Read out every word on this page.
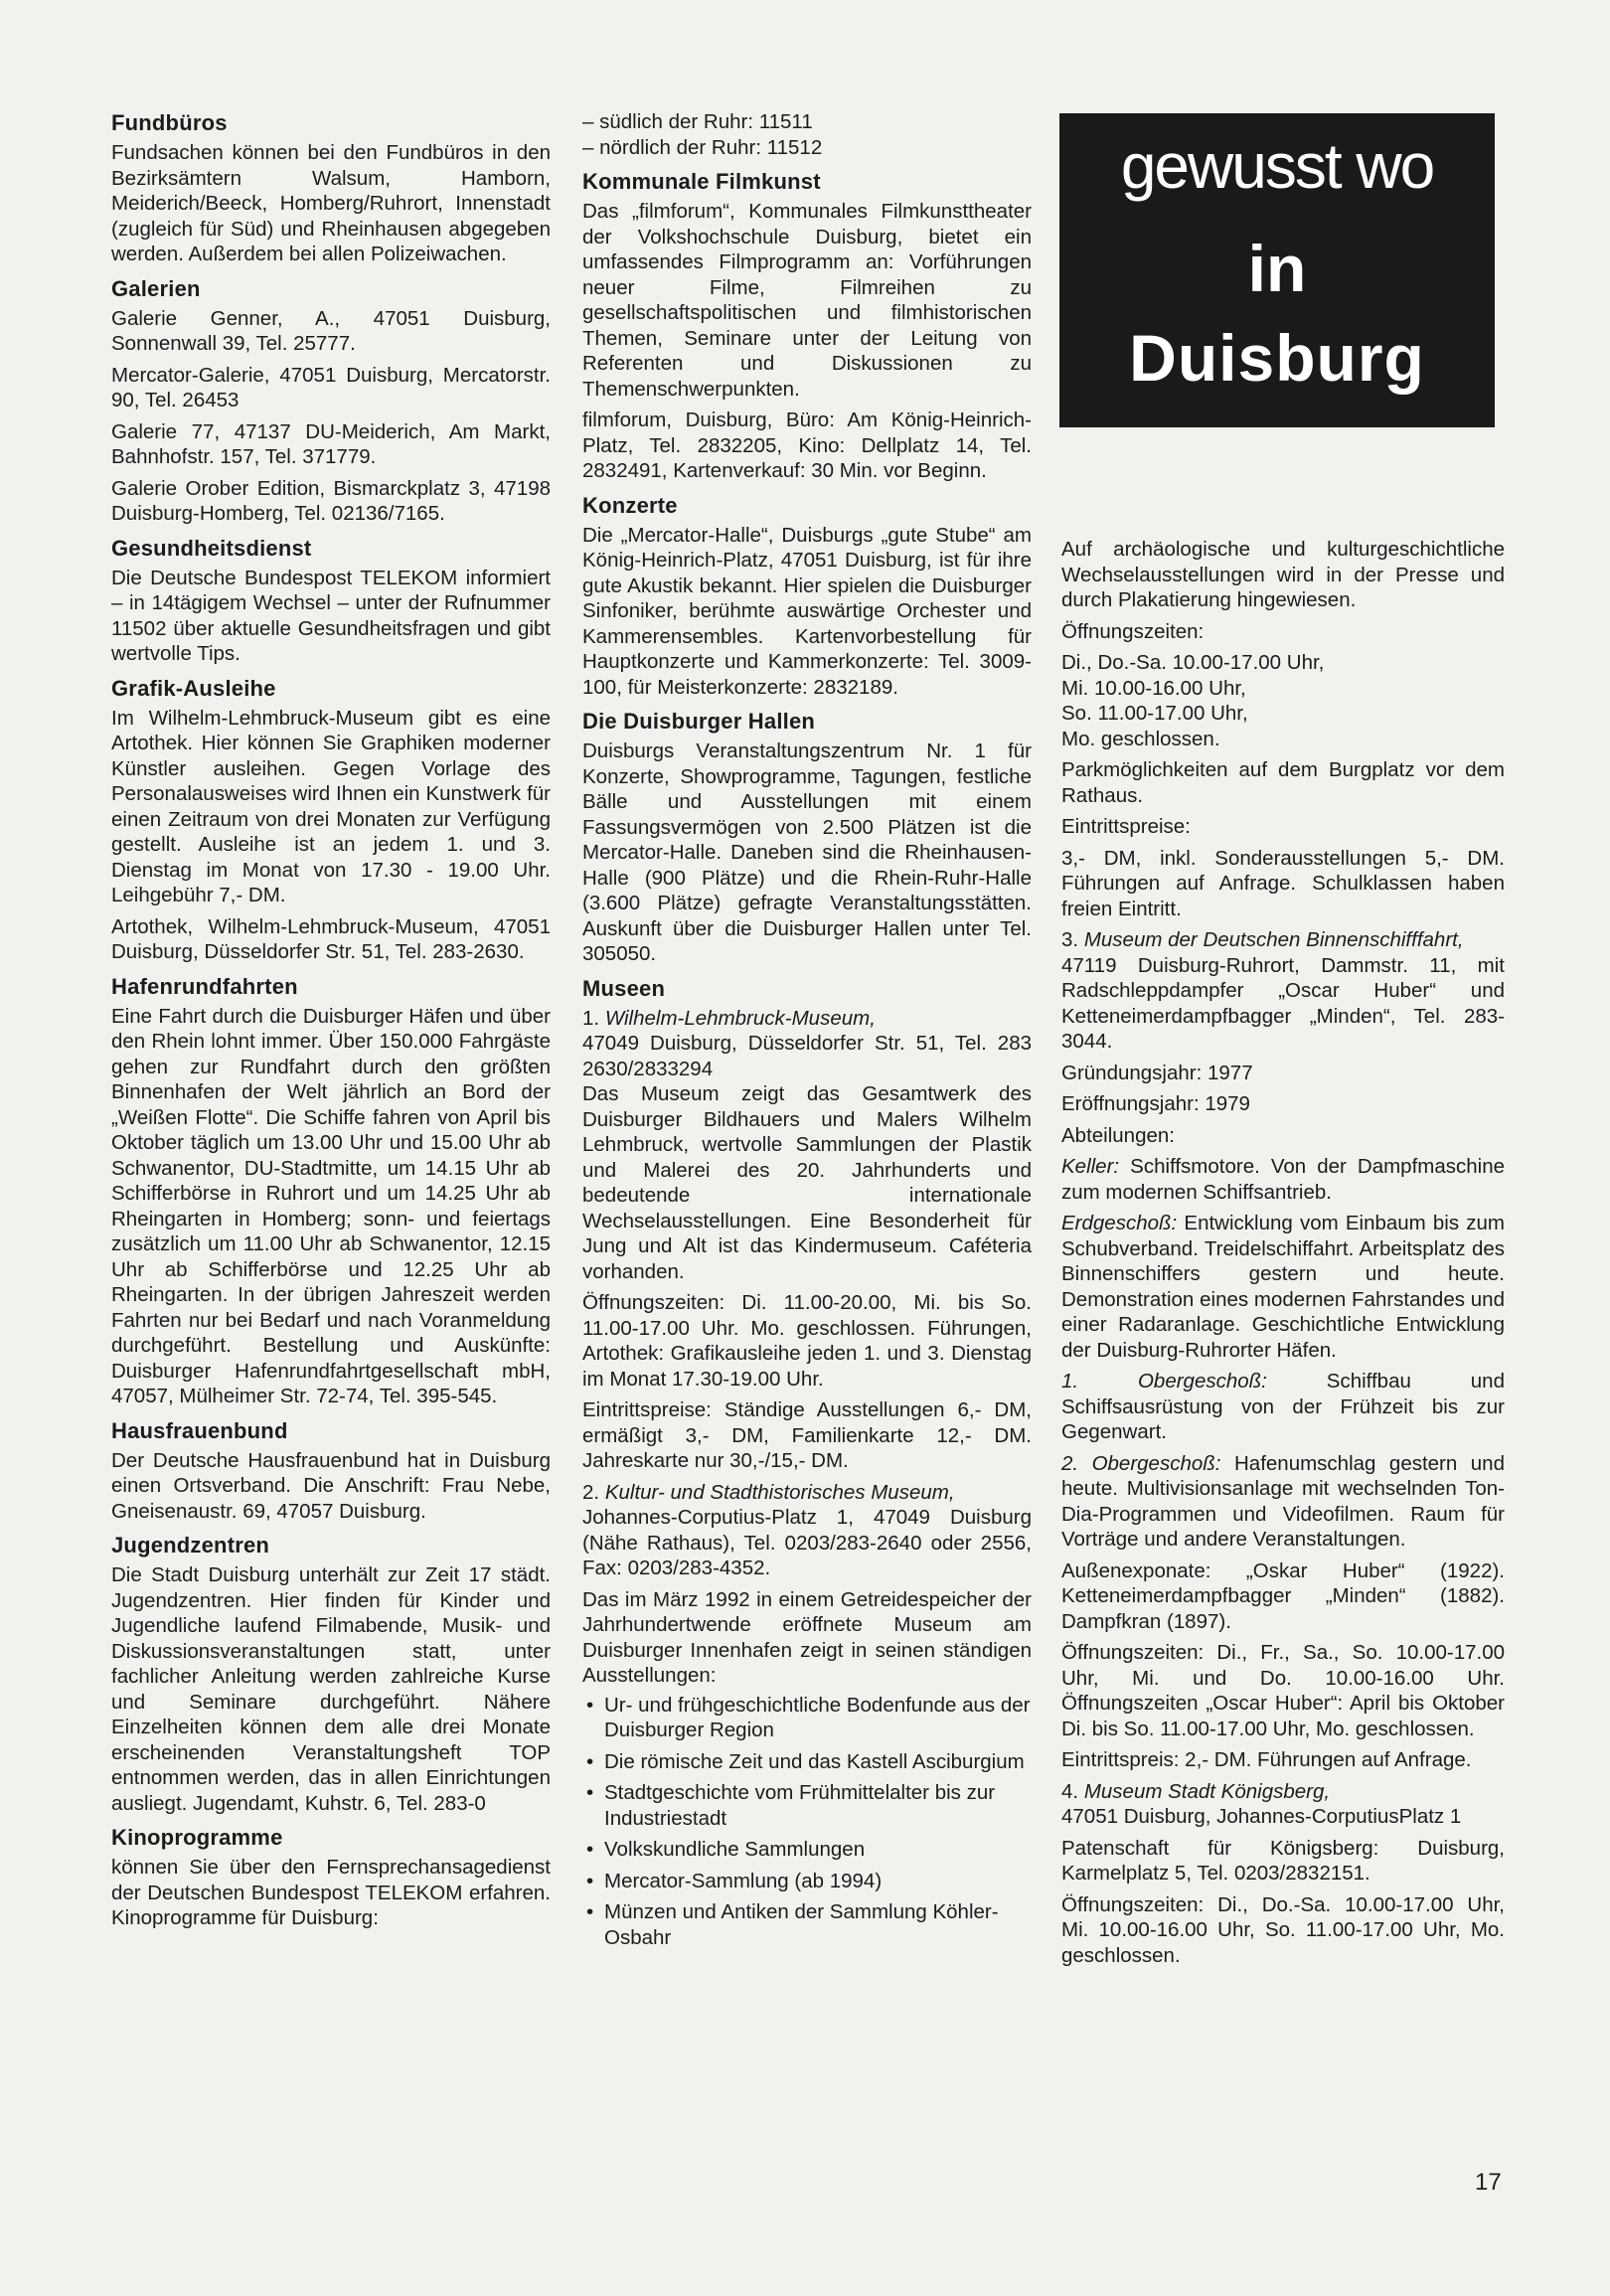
gewusst wo
in
Duisburg
Fundbüros

Fundsachen können bei den Fundbüros in den Bezirksämtern Walsum, Hamborn, Meiderich/Beeck, Homberg/Ruhrort, Innenstadt (zugleich für Süd) und Rheinhausen abgegeben werden. Außerdem bei allen Polizeiwachen.

Galerien

Galerie Genner, A., 47051 Duisburg, Sonnenwall 39, Tel. 25777.

Mercator-Galerie, 47051 Duisburg, Mercatorstr. 90, Tel. 26453

Galerie 77, 47137 DU-Meiderich, Am Markt, Bahnhofstr. 157, Tel. 371779.

Galerie Orober Edition, Bismarckplatz 3, 47198 Duisburg-Homberg, Tel. 02136/7165.

Gesundheitsdienst

Die Deutsche Bundespost TELEKOM informiert – in 14tägigem Wechsel – unter der Rufnummer 11502 über aktuelle Gesundheitsfragen und gibt wertvolle Tips.

Grafik-Ausleihe

Im Wilhelm-Lehmbruck-Museum gibt es eine Artothek. Hier können Sie Graphiken moderner Künstler ausleihen. Gegen Vorlage des Personalausweises wird Ihnen ein Kunstwerk für einen Zeitraum von drei Monaten zur Verfügung gestellt. Ausleihe ist an jedem 1. und 3. Dienstag im Monat von 17.30 - 19.00 Uhr. Leihgebühr 7,- DM.

Artothek, Wilhelm-Lehmbruck-Museum, 47051 Duisburg, Düsseldorfer Str. 51, Tel. 283-2630.

Hafenrundfahrten

Eine Fahrt durch die Duisburger Häfen und über den Rhein lohnt immer. Über 150.000 Fahrgäste gehen zur Rundfahrt durch den größten Binnenhafen der Welt jährlich an Bord der „Weißen Flotte“. Die Schiffe fahren von April bis Oktober täglich um 13.00 Uhr und 15.00 Uhr ab Schwanentor, DU-Stadtmitte, um 14.15 Uhr ab Schifferbörse in Ruhrort und um 14.25 Uhr ab Rheingarten in Homberg; sonn- und feiertags zusätzlich um 11.00 Uhr ab Schwanentor, 12.15 Uhr ab Schifferbörse und 12.25 Uhr ab Rheingarten. In der übrigen Jahreszeit werden Fahrten nur bei Bedarf und nach Voranmeldung durchgeführt. Bestellung und Auskünfte: Duisburger Hafenrundfahrtgesellschaft mbH, 47057, Mülheimer Str. 72-74, Tel. 395-545.

Hausfrauenbund

Der Deutsche Hausfrauenbund hat in Duisburg einen Ortsverband. Die Anschrift: Frau Nebe, Gneisenaustr. 69, 47057 Duisburg.

Jugendzentren

Die Stadt Duisburg unterhält zur Zeit 17 städt. Jugendzentren. Hier finden für Kinder und Jugendliche laufend Filmabende, Musik- und Diskussionsveranstaltungen statt, unter fachlicher Anleitung werden zahlreiche Kurse und Seminare durchgeführt. Nähere Einzelheiten können dem alle drei Monate erscheinenden Veranstaltungsheft TOP entnommen werden, das in allen Einrichtungen ausliegt. Jugendamt, Kuhstr. 6, Tel. 283-0

Kinoprogramme

können Sie über den Fernsprechansagedienst der Deutschen Bundespost TELEKOM erfahren. Kinoprogramme für Duisburg:

– südlich der Ruhr: 11511
– nördlich der Ruhr: 11512
Kommunale Filmkunst

Das „filmforum“, Kommunales Filmkunsttheater der Volkshochschule Duisburg, bietet ein umfassendes Filmprogramm an: Vorführungen neuer Filme, Filmreihen zu gesellschaftspolitischen und filmhistorischen Themen, Seminare unter der Leitung von Referenten und Diskussionen zu Themenschwerpunkten.

filmforum, Duisburg, Büro: Am König-Heinrich-Platz, Tel. 2832205, Kino: Dellplatz 14, Tel. 2832491, Kartenverkauf: 30 Min. vor Beginn.

Konzerte

Die „Mercator-Halle“, Duisburgs „gute Stube“ am König-Heinrich-Platz, 47051 Duisburg, ist für ihre gute Akustik bekannt. Hier spielen die Duisburger Sinfoniker, berühmte auswärtige Orchester und Kammerensembles. Kartenvorbestellung für Hauptkonzerte und Kammerkonzerte: Tel. 3009-100, für Meisterkonzerte: 2832189.

Die Duisburger Hallen

Duisburgs Veranstaltungszentrum Nr. 1 für Konzerte, Showprogramme, Tagungen, festliche Bälle und Ausstellungen mit einem Fassungsvermögen von 2.500 Plätzen ist die Mercator-Halle. Daneben sind die Rheinhausen-Halle (900 Plätze) und die Rhein-Ruhr-Halle (3.600 Plätze) gefragte Veranstaltungsstätten. Auskunft über die Duisburger Hallen unter Tel. 305050.

Museen
1. Wilhelm-Lehmbruck-Museum,

47049 Duisburg, Düsseldorfer Str. 51, Tel. 283 2630/2833294

Das Museum zeigt das Gesamtwerk des Duisburger Bildhauers und Malers Wilhelm Lehmbruck, wertvolle Sammlungen der Plastik und Malerei des 20. Jahrhunderts und bedeutende internationale Wechselausstellungen. Eine Besonderheit für Jung und Alt ist das Kindermuseum. Caféteria vorhanden.

Öffnungszeiten: Di. 11.00-20.00, Mi. bis So. 11.00-17.00 Uhr. Mo. geschlossen. Führungen, Artothek: Grafikausleihe jeden 1. und 3. Dienstag im Monat 17.30-19.00 Uhr.

Eintrittspreise: Ständige Ausstellungen 6,- DM, ermäßigt 3,- DM, Familienkarte 12,- DM. Jahreskarte nur 30,-/15,- DM.

2. Kultur- und Stadthistorisches Museum,

Johannes-Corputius-Platz 1, 47049 Duisburg (Nähe Rathaus), Tel. 0203/283-2640 oder 2556, Fax: 0203/283-4352.

Das im März 1992 in einem Getreidespeicher der Jahrhundertwende eröffnete Museum am Duisburger Innenhafen zeigt in seinen ständigen Ausstellungen:

• Ur- und frühgeschichtliche Bodenfunde aus der Duisburger Region
• Die römische Zeit und das Kastell Asciburgium
• Stadtgeschichte vom Frühmittelalter bis zur Industriestadt
• Volkskundliche Sammlungen
• Mercator-Sammlung (ab 1994)
• Münzen und Antiken der Sammlung Köhler-Osbahr

Auf archäologische und kulturgeschichtliche Wechselausstellungen wird in der Presse und durch Plakatierung hingewiesen.

Öffnungszeiten:
Di., Do.-Sa. 10.00-17.00 Uhr,
Mi. 10.00-16.00 Uhr,
So. 11.00-17.00 Uhr,
Mo. geschlossen.

Parkmöglichkeiten auf dem Burgplatz vor dem Rathaus.

Eintrittspreise:

3,- DM, inkl. Sonderausstellungen 5,- DM. Führungen auf Anfrage. Schulklassen haben freien Eintritt.

3. Museum der Deutschen Binnenschifffahrt,

47119 Duisburg-Ruhrort, Dammstr. 11, mit Radschleppdampfer „Oscar Huber“ und Ketteneimerdampfbagger „Minden“, Tel. 283-3044.

Gründungsjahr: 1977

Eröffnungsjahr: 1979

Abteilungen:

Keller: Schiffsmotore. Von der Dampfmaschine zum modernen Schiffsantrieb.

Erdgeschoß: Entwicklung vom Einbaum bis zum Schubverband. Treidelschiffahrt. Arbeitsplatz des Binnenschiffers gestern und heute. Demonstration eines modernen Fahrstandes und einer Radaranlage. Geschichtliche Entwicklung der Duisburg-Ruhrorter Häfen.

1. Obergeschoß:	Schiffbau und Schiffsausrüstung von der Frühzeit bis zur Gegenwart.

2. Obergeschoß: Hafenumschlag gestern und heute. Multivisionsanlage mit wechselnden Ton-Dia-Programmen und Videofilmen. Raum für Vorträge und andere Veranstaltungen.

Außenexponate: „Oskar Huber“ (1922). Ketteneimerdampfbagger „Minden“ (1882). Dampfkran (1897).

Öffnungszeiten: Di., Fr., Sa., So. 10.00-17.00 Uhr, Mi. und Do. 10.00-16.00 Uhr. Öffnungszeiten „Oscar Huber“: April bis Oktober Di. bis So. 11.00-17.00 Uhr, Mo. geschlossen.

Eintrittspreis: 2,- DM. Führungen auf Anfrage.

4. Museum Stadt Königsberg,

47051 Duisburg, Johannes-CorputiusPlatz 1

Patenschaft für Königsberg: Duisburg, Karmelplatz 5, Tel. 0203/2832151.

Öffnungszeiten: Di., Do.-Sa. 10.00-17.00 Uhr, Mi. 10.00-16.00 Uhr, So. 11.00-17.00 Uhr, Mo. geschlossen.

17
